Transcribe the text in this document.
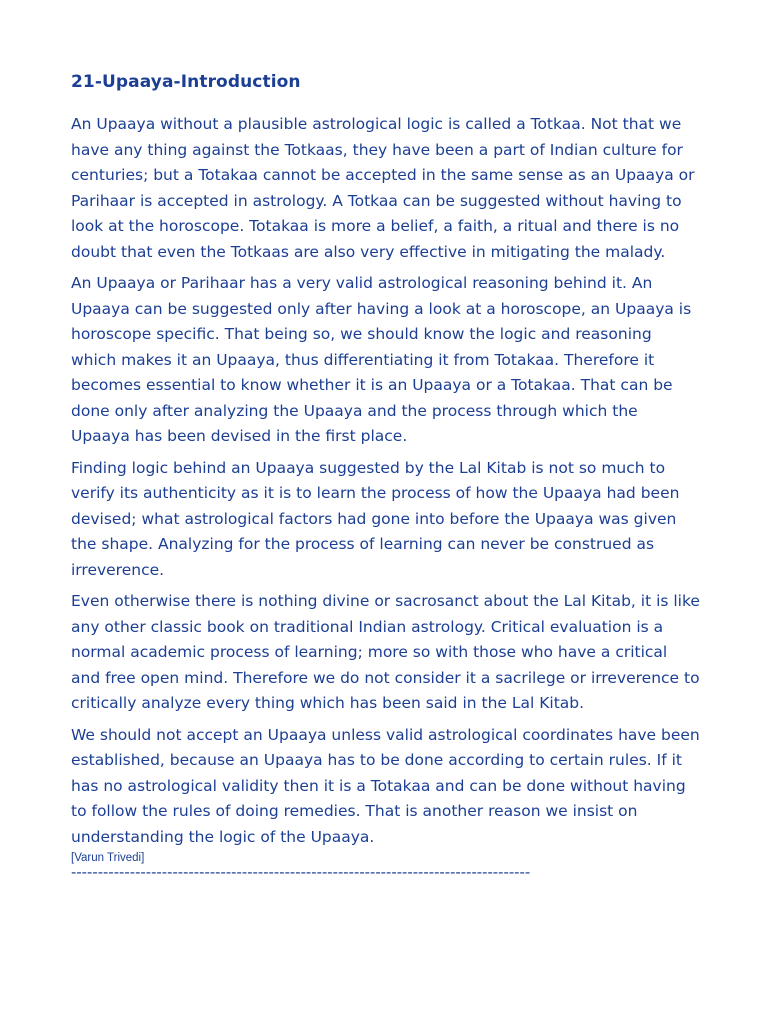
21-Upaaya-Introduction

An Upaaya without a plausible astrological logic is called a Totkaa. Not that we have any thing against the Totkaas, they have been a part of Indian culture for centuries; but a Totakaa cannot be accepted in the same sense as an Upaaya or Parihaar is accepted in astrology. A Totkaa can be suggested without having to look at the horoscope. Totakaa is more a belief, a faith, a ritual and there is no doubt that even the Totkaas are also very effective in mitigating the malady.

An Upaaya or Parihaar has a very valid astrological reasoning behind it. An Upaaya can be suggested only after having a look at a horoscope, an Upaaya is horoscope specific. That being so, we should know the logic and reasoning which makes it an Upaaya, thus differentiating it from Totakaa. Therefore it becomes essential to know whether it is an Upaaya or a Totakaa. That can be done only after analyzing the Upaaya and the process through which the Upaaya has been devised in the first place.

Finding logic behind an Upaaya suggested by the Lal Kitab is not so much to verify its authenticity as it is to learn the process of how the Upaaya had been devised; what astrological factors had gone into before the Upaaya was given the shape. Analyzing for the process of learning can never be construed as irreverence.

Even otherwise there is nothing divine or sacrosanct about the Lal Kitab, it is like any other classic book on traditional Indian astrology. Critical evaluation is a normal academic process of learning; more so with those who have a critical and free open mind. Therefore we do not consider it a sacrilege or irreverence to critically analyze every thing which has been said in the Lal Kitab.

We should not accept an Upaaya unless valid astrological coordinates have been established, because an Upaaya has to be done according to certain rules. If it has no astrological validity then it is a Totakaa and can be done without having to follow the rules of doing remedies. That is another reason we insist on understanding the logic of the Upaaya.

[Varun Trivedi]
--------------------------------------------------------------------------------------
